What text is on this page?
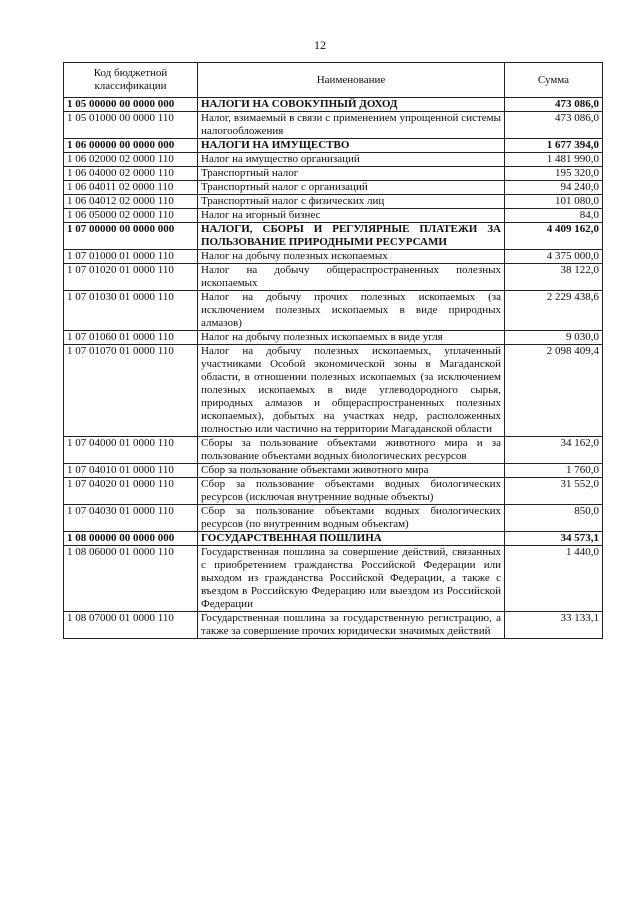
12
Код бюджетной классификации	Наименование	Сумма
1 05 00000 00 0000 000	НАЛОГИ НА СОВОКУПНЫЙ ДОХОД	473 086,0
1 05 01000 00 0000 110	Налог, взимаемый в связи с применением упрощенной системы налогообложения	473 086,0
1 06 00000 00 0000 000	НАЛОГИ НА ИМУЩЕСТВО	1 677 394,0
1 06 02000 02 0000 110	Налог на имущество организаций	1 481 990,0
1 06 04000 02 0000 110	Транспортный налог	195 320,0
1 06 04011 02 0000 110	Транспортный налог с организаций	94 240,0
1 06 04012 02 0000 110	Транспортный налог с физических лиц	101 080,0
1 06 05000 02 0000 110	Налог на игорный бизнес	84,0
1 07 00000 00 0000 000	НАЛОГИ, СБОРЫ И РЕГУЛЯРНЫЕ ПЛАТЕЖИ ЗА ПОЛЬЗОВАНИЕ ПРИРОДНЫМИ РЕСУРСАМИ	4 409 162,0
1 07 01000 01 0000 110	Налог на добычу полезных ископаемых	4 375 000,0
1 07 01020 01 0000 110	Налог на добычу общераспространенных полезных ископаемых	38 122,0
1 07 01030 01 0000 110	Налог на добычу прочих полезных ископаемых (за исключением полезных ископаемых в виде природных алмазов)	2 229 438,6
1 07 01060 01 0000 110	Налог на добычу полезных ископаемых в виде угля	9 030,0
1 07 01070 01 0000 110	Налог на добычу полезных ископаемых, уплаченный участниками Особой экономической зоны в Магаданской области, в отношении полезных ископаемых (за исключением полезных ископаемых в виде углеводородного сырья, природных алмазов и общераспространенных полезных ископаемых), добытых на участках недр, расположенных полностью или частично на территории Магаданской области	2 098 409,4
1 07 04000 01 0000 110	Сборы за пользование объектами животного мира и за пользование объектами водных биологических ресурсов	34 162,0
1 07 04010 01 0000 110	Сбор за пользование объектами животного мира	1 760,0
1 07 04020 01 0000 110	Сбор за пользование объектами водных биологических ресурсов (исключая внутренние водные объекты)	31 552,0
1 07 04030 01 0000 110	Сбор за пользование объектами водных биологических ресурсов (по внутренним водным объектам)	850,0
1 08 00000 00 0000 000	ГОСУДАРСТВЕННАЯ ПОШЛИНА	34 573,1
1 08 06000 01 0000 110	Государственная пошлина за совершение действий, связанных с приобретением гражданства Российской Федерации или выходом из гражданства Российской Федерации, а также с въездом в Российскую Федерацию или выездом из Российской Федерации	1 440,0
1 08 07000 01 0000 110	Государственная пошлина за государственную регистрацию, а также за совершение прочих юридически значимых действий	33 133,1
